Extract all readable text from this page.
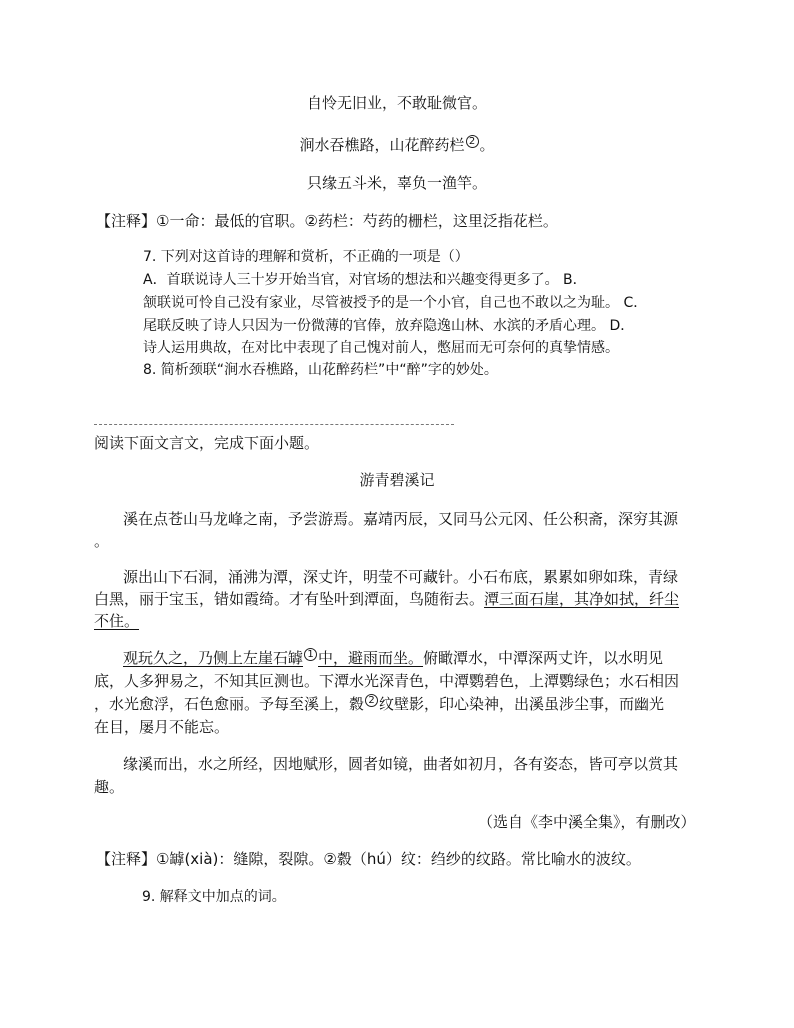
自怜无旧业，不敢耻微官。
涧水吞樵路，山花醉药栏 2 。
只缘五斗米，辜负一渔竿。
【注释】①一命：最低的官职。②药栏：芍药的栅栏，这里泛指花栏。
7. 下列对这首诗的理解和赏析，不正确的一项是（）
A．首联说诗人三十岁开始当官，对官场的想法和兴趣变得更多了。 B．
颔联说可怜自己没有家业，尽管被授予的是一个小官，自己也不敢以之为耻。 C．
尾联反映了诗人只因为一份微薄的官俸，放弃隐逸山林、水滨的矛盾心理。 D．
诗人运用典故，在对比中表现了自己愧对前人，憋屈而无可奈何的真挚情感。
8. 简析颈联“涧水吞樵路，山花醉药栏”中“醉”字的妙处。
阅读下面文言文，完成下面小题。
游青碧溪记
溪在点苍山马龙峰之南，予尝游焉。嘉靖丙辰，又同马公元冈、任公积斋，深穷其源
。
源出山下石洞，涌沸为潭，深丈许，明莹不可藏针。小石布底，累累如卵如珠，青绿
白黑，丽于宝玉，错如霞绮。才有坠叶到潭面，鸟随衔去。潭三面石崖，其净如拭，纤尘
不住。
观玩久之，乃侧上左崖石罅 1 中，避雨而坐。俯瞰潭水，中潭深两丈许，以水明见
底，人多狎易之，不知其叵测也。下潭水光深青色，中潭鹦碧色，上潭鹦绿色；水石相因
，水光愈浮，石色愈丽。予每至溪上，縠 2 纹壁影，印心染神，出溪虽涉尘事，而幽光
在目，屡月不能忘。
缘溪而出，水之所经，因地赋形，圆者如镜，曲者如初月，各有姿态，皆可亭以赏其
趣。
（选自《李中溪全集》，有删改）
【注释】①罅(xià)：缝隙，裂隙。②縠（hú）纹：绉纱的纹路。常比喻水的波纹。
9. 解释文中加点的词。
